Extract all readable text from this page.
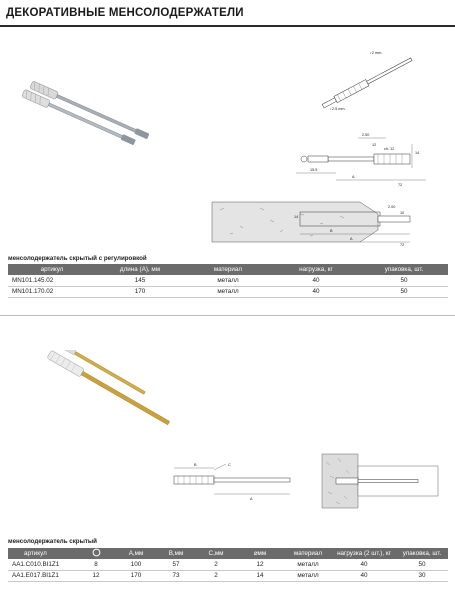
ДЕКОРАТИВНЫЕ МЕНСОЛОДЕРЖАТЕЛИ
↕2 mm.
↕2.5 mm.
2.50
12
ch. 12
14
15.5
A
72
2.00
10
14
B
A
72
менсолодержатель скрытый с регулировкой
артикул	длина (А), мм	материал	нагрузка, кг	упаковка, шт.
MN101.145.02	145	металл	40	50
MN101.170.02	170	металл	40	50
B	C
A
менсолодержатель скрытый
артикул		А,мм	В,мм	С,мм	⌀мм	материал	нагрузка (2 шт.), кг	упаковка, шт.
AA1.C010.BI1Z1	8	100	57	2	12	металл	40	50
AA1.E017.BI1Z1	12	170	73	2	14	металл	40	30
